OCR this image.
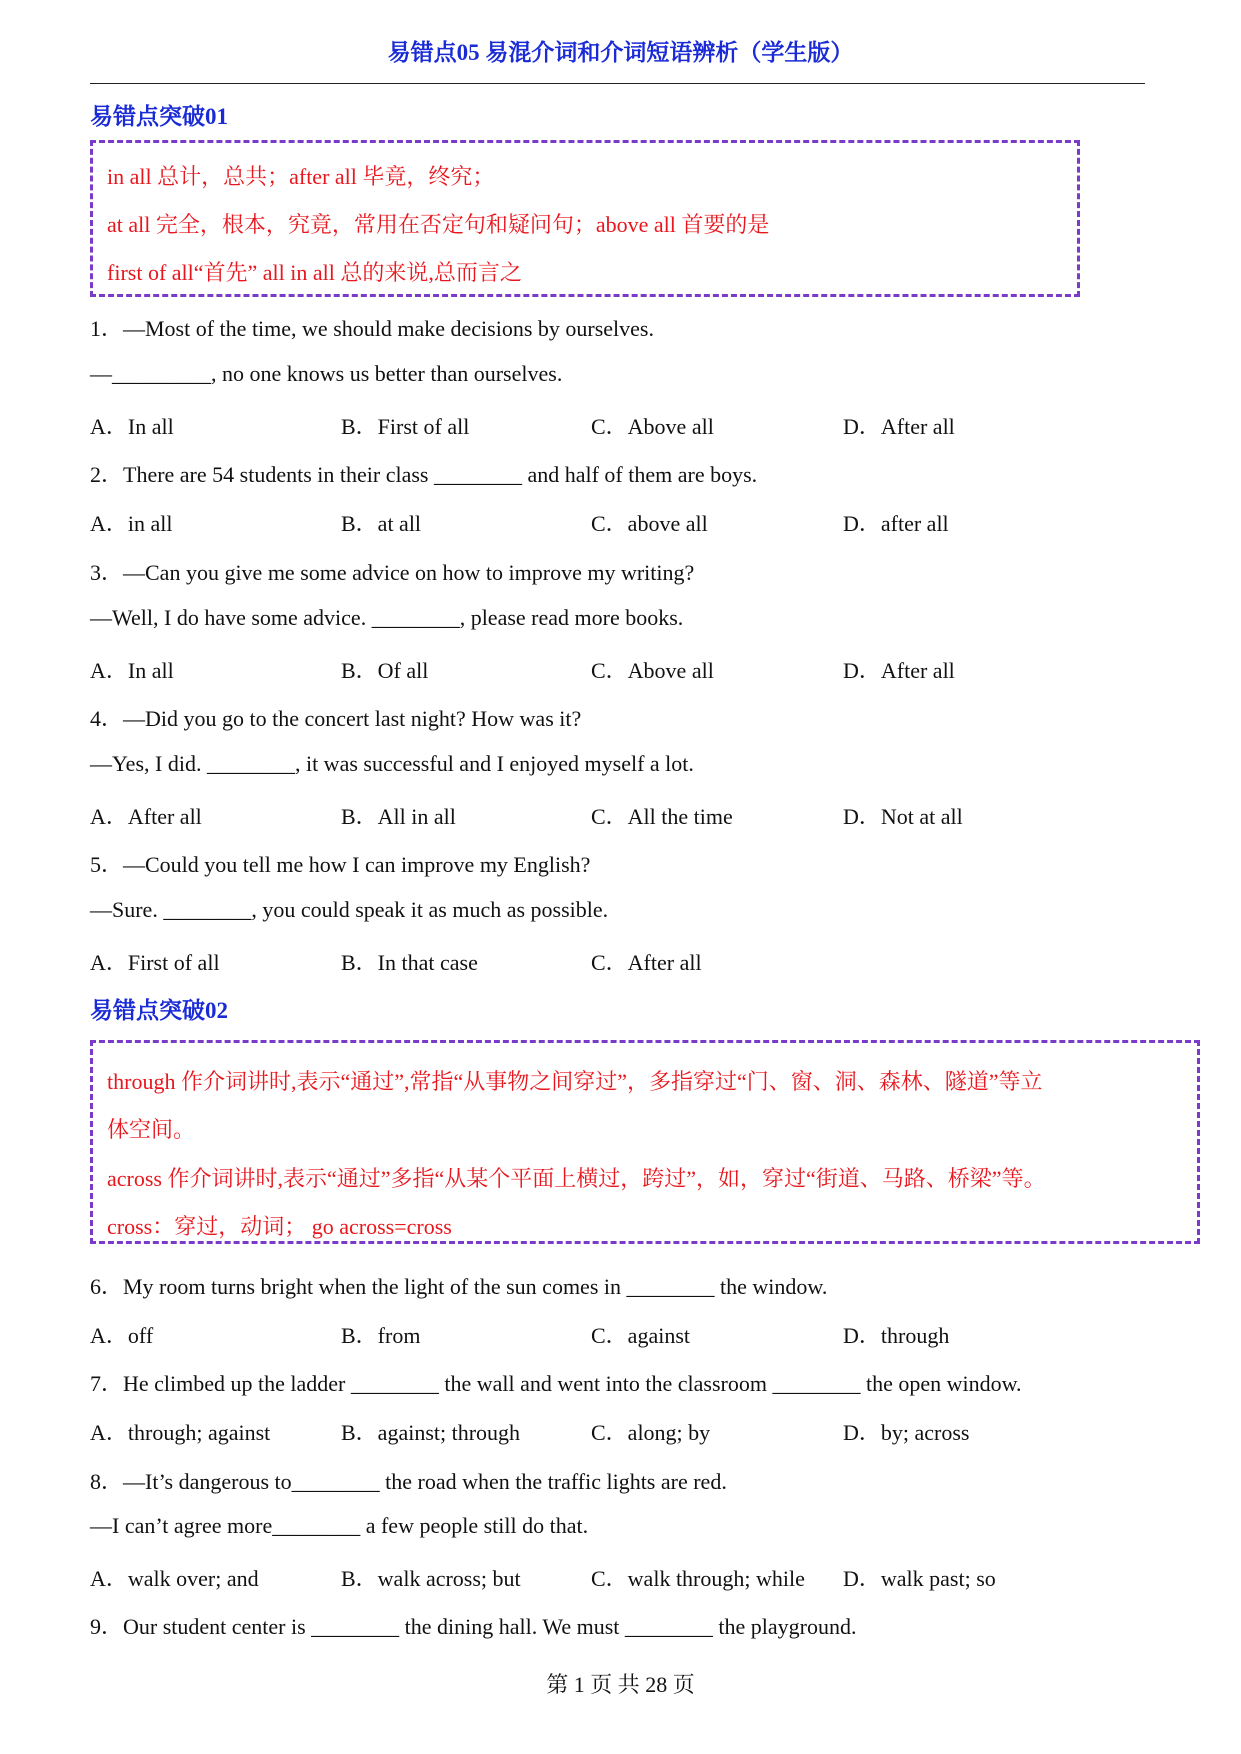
易错点05 易混介词和介词短语辨析（学生版）
易错点突破01
in all 总计，总共；after all 毕竟，终究；
at all 完全，根本，究竟，常用在否定句和疑问句；above all 首要的是
first of all“首先” all in all 总的来说,总而言之
1．—Most of the time, we should make decisions by ourselves.
—_________, no one knows us better than ourselves.
A．In all	B．First of all	C．Above all	D．After all
2．There are 54 students in their class ________ and half of them are boys.
A．in all	B．at all	C．above all	D．after all
3．—Can you give me some advice on how to improve my writing?
—Well, I do have some advice. ________, please read more books.
A．In all	B．Of all	C．Above all	D．After all
4．—Did you go to the concert last night? How was it?
—Yes, I did. ________, it was successful and I enjoyed myself a lot.
A．After all	B．All in all	C．All the time	D．Not at all
5．—Could you tell me how I can improve my English?
—Sure. ________, you could speak it as much as possible.
A．First of all	B．In that case	C．After all
易错点突破02
through 作介词讲时,表示“通过”,常指“从事物之间穿过”，多指穿过“门、窗、洞、森林、隧道”等立
体空间。
across 作介词讲时,表示“通过”多指“从某个平面上横过，跨过”，如，穿过“街道、马路、桥梁”等。
cross：穿过，动词； go across=cross
6．My room turns bright when the light of the sun comes in ________ the window.
A．off	B．from	C．against	D．through
7．He climbed up the ladder ________ the wall and went into the classroom ________ the open window.
A．through; against	B．against; through	C．along; by	D．by; across
8．—It’s dangerous to________ the road when the traffic lights are red.
—I can’t agree more________ a few people still do that.
A．walk over; and	B．walk across; but	C．walk through; while D．walk past; so
9．Our student center is ________ the dining hall. We must ________ the playground.
第 1 页 共 28 页
